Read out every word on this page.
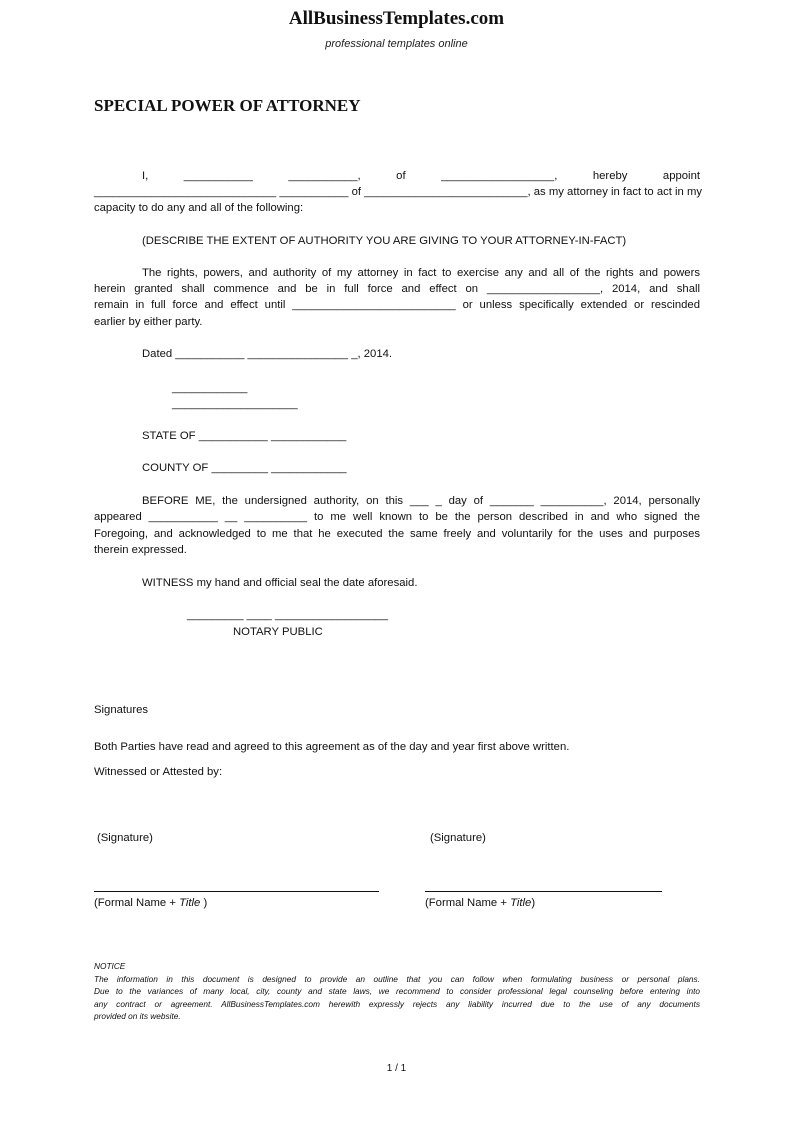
AllBusinessTemplates.com
professional templates online
SPECIAL POWER OF ATTORNEY
I, ___________ ___________, of __________________, hereby appoint
_____________________________ ___________ of __________________________, as my attorney in fact to act in my
capacity to do any and all of the following:
(DESCRIBE THE EXTENT OF AUTHORITY YOU ARE GIVING TO YOUR ATTORNEY-IN-FACT)
The rights, powers, and authority of my attorney in fact to exercise any and all of the rights and powers
herein granted shall commence and be in full force and effect on __________________, 2014, and shall
remain in full force and effect until __________________________ or unless specifically extended or rescinded
earlier by either party.
Dated ___________ ________________ _, 2014.
____________ ____________________
STATE OF ___________ ____________
COUNTY OF _________ ____________
BEFORE ME, the undersigned authority, on this ___ _ day of _______ __________, 2014, personally
appeared ___________ __ __________ to me well known to be the person described in and who signed the
Foregoing, and acknowledged to me that he executed the same freely and voluntarily for the uses and purposes
therein expressed.
WITNESS my hand and official seal the date aforesaid.
_________ ____ __________________
NOTARY PUBLIC
Signatures
Both Parties have read and agreed to this agreement as of the day and year first above written.
Witnessed or Attested by:
(Signature)	(Signature)
(Formal Name + Title )	(Formal Name + Title)
NOTICE
The information in this document is designed to provide an outline that you can follow when formulating business or personal plans.
Due to the variances of many local, city, county and state laws, we recommend to consider professional legal counseling before entering into
any contract or agreement. AllBusinessTemplates.com herewith expressly rejects any liability incurred due to the use of any documents
provided on its website.
1 / 1
